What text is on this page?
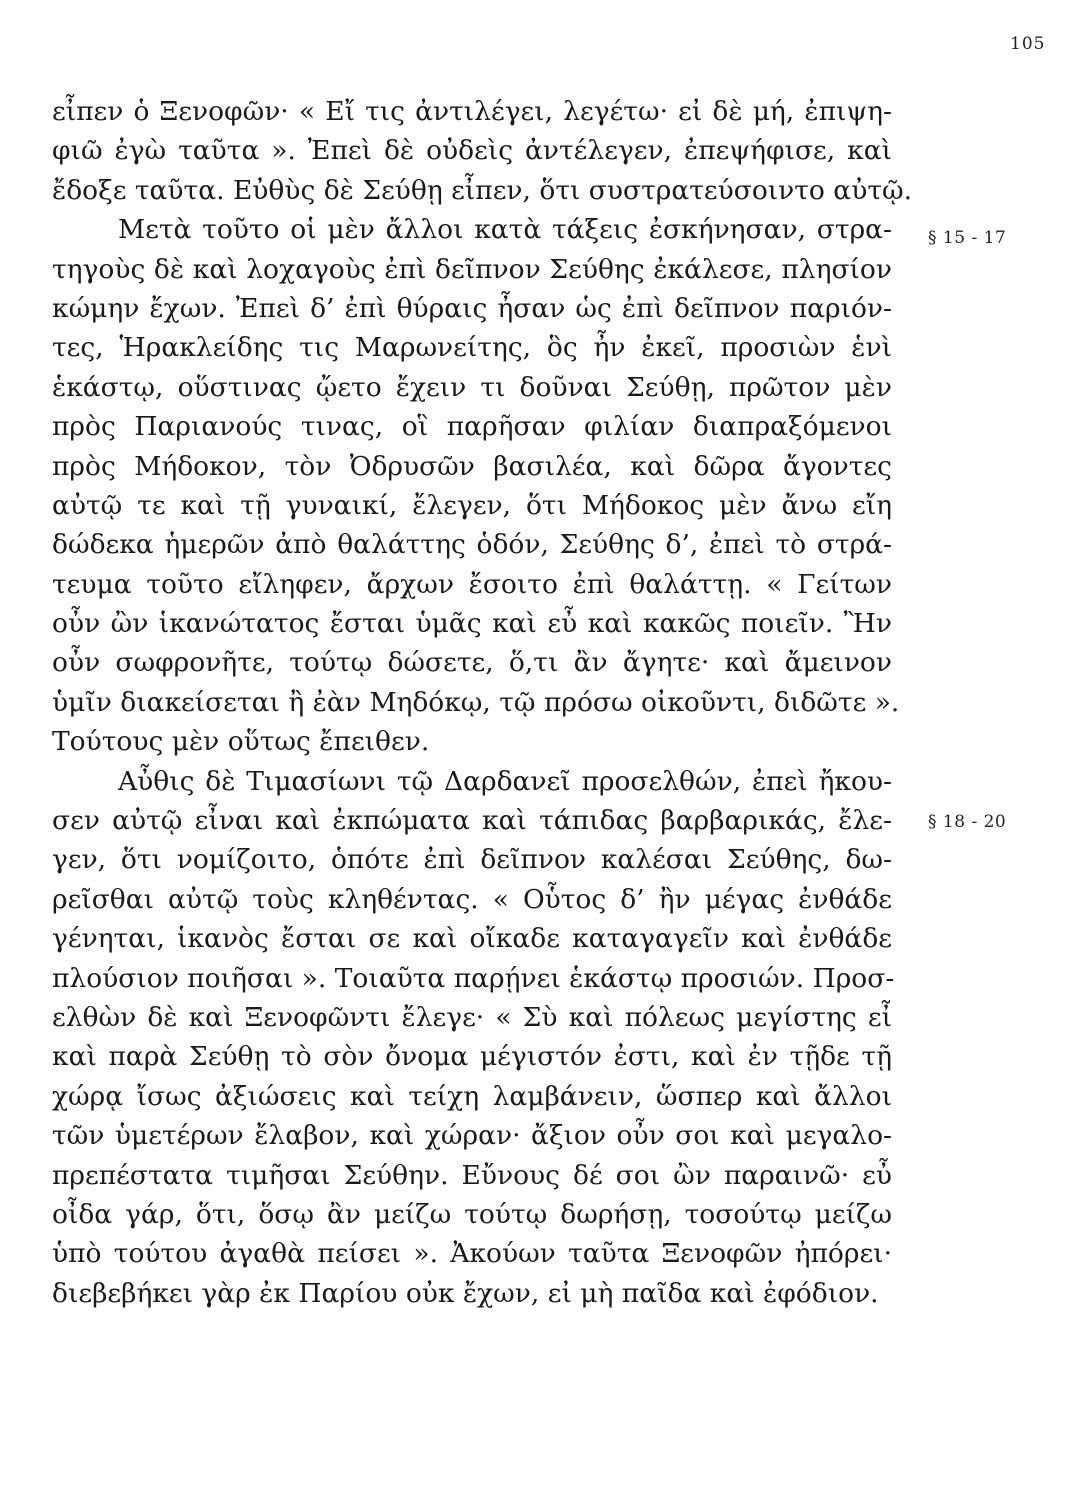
105
εἶπεν ὁ Ξενοφῶν· « Εἴ τις ἀντιλέγει, λεγέτω· εἰ δὲ μή, ἐπιψη-
φιῶ ἐγὼ ταῦτα ». Ἐπεὶ δὲ οὐδεὶς ἀντέλεγεν, ἐπεψήφισε, καὶ
ἔδοξε ταῦτα. Εὐθὺς δὲ Σεύθῃ εἶπεν, ὅτι συστρατεύσοιντο αὐτῷ.
Μετὰ τοῦτο οἱ μὲν ἄλλοι κατὰ τάξεις ἐσκήνησαν, στρα-
τηγοὺς δὲ καὶ λοχαγοὺς ἐπὶ δεῖπνον Σεύθης ἐκάλεσε, πλησίον
κώμην ἔχων. Ἐπεὶ δ’ ἐπὶ θύραις ἦσαν ὡς ἐπὶ δεῖπνον παριόν-
τες, Ἡρακλείδης τις Μαρωνείτης, ὃς ἦν ἐκεῖ, προσιὼν ἑνὶ
ἑκάστῳ, οὕστινας ᾤετο ἔχειν τι δοῦναι Σεύθῃ, πρῶτον μὲν
πρὸς Παριανούς τινας, οἳ παρῆσαν φιλίαν διαπραξόμενοι
πρὸς Μήδοκον, τὸν Ὀδρυσῶν βασιλέα, καὶ δῶρα ἄγοντες
αὐτῷ τε καὶ τῇ γυναικί, ἔλεγεν, ὅτι Μήδοκος μὲν ἄνω εἴη
δώδεκα ἡμερῶν ἀπὸ θαλάττης ὁδόν, Σεύθης δ’, ἐπεὶ τὸ στρά-
τευμα τοῦτο εἴληφεν, ἄρχων ἔσοιτο ἐπὶ θαλάττῃ. « Γείτων
οὖν ὢν ἱκανώτατος ἔσται ὑμᾶς καὶ εὖ καὶ κακῶς ποιεῖν. Ἢν
οὖν σωφρονῆτε, τούτῳ δώσετε, ὅ,τι ἂν ἄγητε· καὶ ἄμεινον
ὑμῖν διακείσεται ἢ ἐὰν Μηδόκῳ, τῷ πρόσω οἰκοῦντι, διδῶτε ».
Τούτους μὲν οὕτως ἔπειθεν.
Αὖθις δὲ Τιμασίωνι τῷ Δαρδανεῖ προσελθών, ἐπεὶ ἤκου-
σεν αὐτῷ εἶναι καὶ ἐκπώματα καὶ τάπιδας βαρβαρικάς, ἔλε-
γεν, ὅτι νομίζοιτο, ὁπότε ἐπὶ δεῖπνον καλέσαι Σεύθης, δω-
ρεῖσθαι αὐτῷ τοὺς κληθέντας. « Οὗτος δ’ ἢν μέγας ἐνθάδε
γένηται, ἱκανὸς ἔσται σε καὶ οἴκαδε καταγαγεῖν καὶ ἐνθάδε
πλούσιον ποιῆσαι ». Τοιαῦτα παρῄνει ἑκάστῳ προσιών. Προσ-
ελθὼν δὲ καὶ Ξενοφῶντι ἔλεγε· « Σὺ καὶ πόλεως μεγίστης εἶ
καὶ παρὰ Σεύθῃ τὸ σὸν ὄνομα μέγιστόν ἐστι, καὶ ἐν τῇδε τῇ
χώρᾳ ἴσως ἀξιώσεις καὶ τείχη λαμβάνειν, ὥσπερ καὶ ἄλλοι
τῶν ὑμετέρων ἔλαβον, καὶ χώραν· ἄξιον οὖν σοι καὶ μεγαλο-
πρεπέστατα τιμῆσαι Σεύθην. Εὔνους δέ σοι ὢν παραινῶ· εὖ
οἶδα γάρ, ὅτι, ὅσῳ ἂν μείζω τούτῳ δωρήσῃ, τοσούτῳ μείζω
ὑπὸ τούτου ἀγαθὰ πείσει ». Ἀκούων ταῦτα Ξενοφῶν ἠπόρει·
διεβεβήκει γὰρ ἐκ Παρίου οὐκ ἔχων, εἰ μὴ παῖδα καὶ ἐφόδιον.
§ 15 - 17
§ 18 - 20
